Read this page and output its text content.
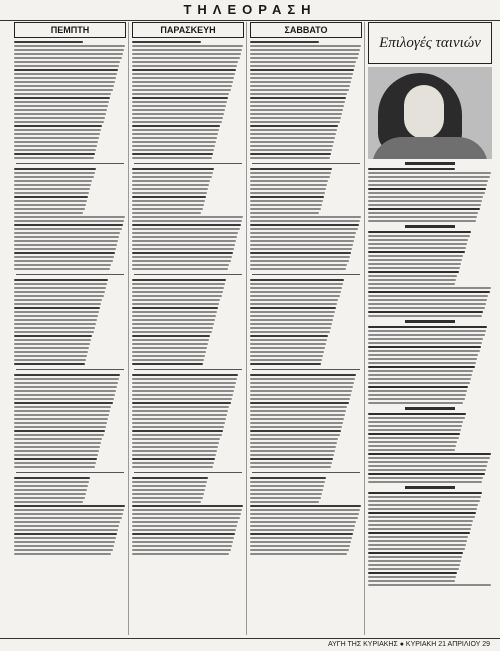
ΤΗΛΕΟΡΑΣΗ
ΠΕΜΠΤΗ	ΠΑΡΑΣΚΕΥΗ	ΣΑΒΒΑΤΟ
Επιλογές ταινιών
ΑΥΓΗ ΤΗΣ ΚΥΡΙΑΚΗΣ ● ΚΥΡΙΑΚΗ 21 ΑΠΡΙΛΙΟΥ 29
